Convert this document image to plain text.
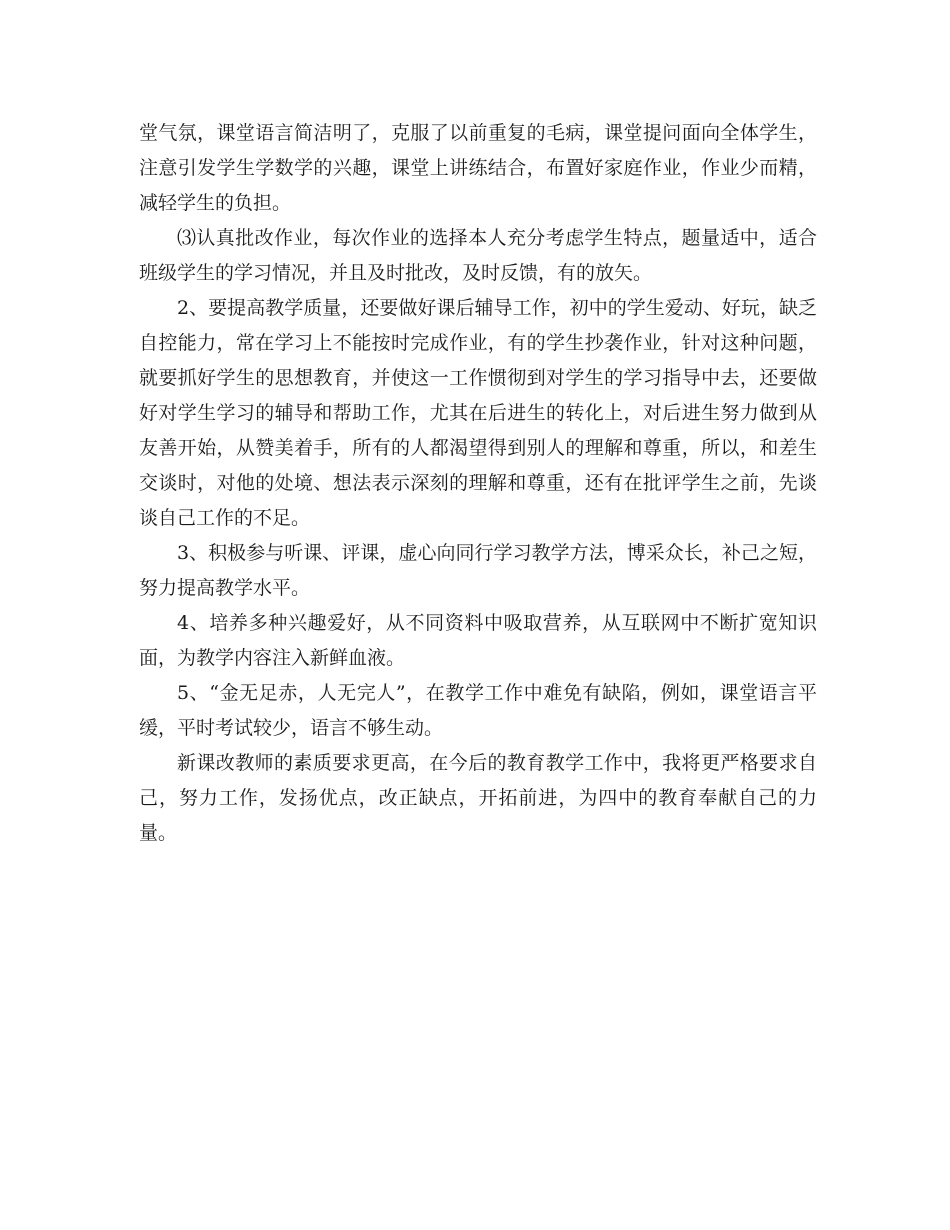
堂气氛，课堂语言简洁明了，克服了以前重复的毛病，课堂提问面向全体学生，注意引发学生学数学的兴趣，课堂上讲练结合，布置好家庭作业，作业少而精，减轻学生的负担。

⑶认真批改作业，每次作业的选择本人充分考虑学生特点，题量适中，适合班级学生的学习情况，并且及时批改，及时反馈，有的放矢。

2、要提高教学质量，还要做好课后辅导工作，初中的学生爱动、好玩，缺乏自控能力，常在学习上不能按时完成作业，有的学生抄袭作业，针对这种问题，就要抓好学生的思想教育，并使这一工作惯彻到对学生的学习指导中去，还要做好对学生学习的辅导和帮助工作，尤其在后进生的转化上，对后进生努力做到从友善开始，从赞美着手，所有的人都渴望得到别人的理解和尊重，所以，和差生交谈时，对他的处境、想法表示深刻的理解和尊重，还有在批评学生之前，先谈谈自己工作的不足。

3、积极参与听课、评课，虚心向同行学习教学方法，博采众长，补己之短，努力提高教学水平。

4、培养多种兴趣爱好，从不同资料中吸取营养，从互联网中不断扩宽知识面，为教学内容注入新鲜血液。

5、“金无足赤，人无完人”，在教学工作中难免有缺陷，例如，课堂语言平缓，平时考试较少，语言不够生动。

新课改教师的素质要求更高，在今后的教育教学工作中，我将更严格要求自己，努力工作，发扬优点，改正缺点，开拓前进，为四中的教育奉献自己的力量。
